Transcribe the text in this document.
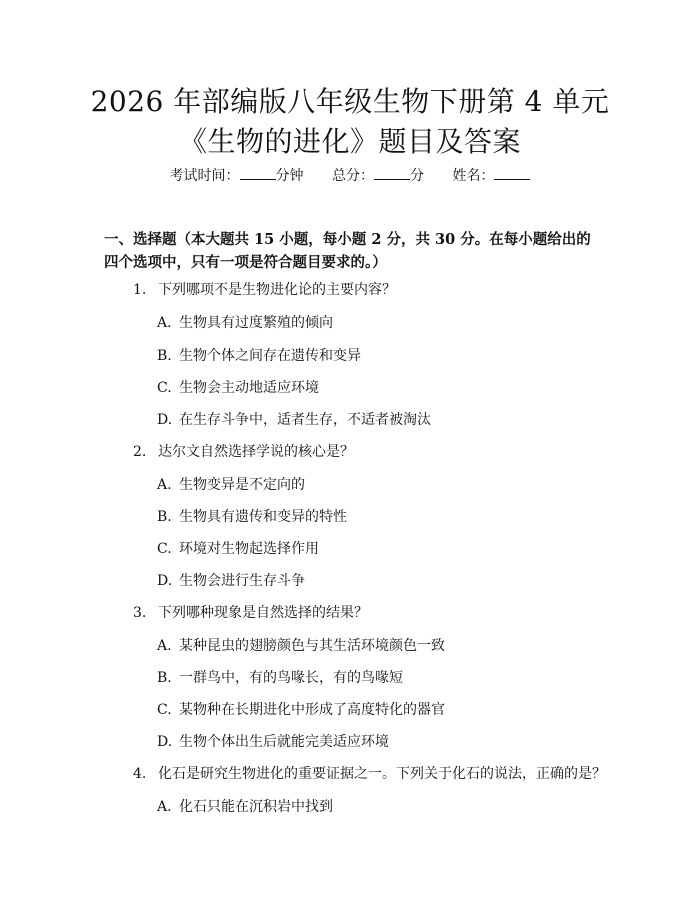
2026 年部编版八年级生物下册第 4 单元《生物的进化》题目及答案
考试时间：	分钟 总分：	分 姓名：
一、选择题（本大题共 15 小题，每小题 2 分，共 30 分。在每小题给出的四个选项中，只有一项是符合题目要求的。）
1. 下列哪项不是生物进化论的主要内容？
A. 生物具有过度繁殖的倾向
B. 生物个体之间存在遗传和变异
C. 生物会主动地适应环境
D. 在生存斗争中，适者生存，不适者被淘汰
2. 达尔文自然选择学说的核心是？
A. 生物变异是不定向的
B. 生物具有遗传和变异的特性
C. 环境对生物起选择作用
D. 生物会进行生存斗争
3. 下列哪种现象是自然选择的结果？
A. 某种昆虫的翅膀颜色与其生活环境颜色一致
B. 一群鸟中，有的鸟喙长，有的鸟喙短
C. 某物种在长期进化中形成了高度特化的器官
D. 生物个体出生后就能完美适应环境
4. 化石是研究生物进化的重要证据之一。下列关于化石的说法，正确的是？
A. 化石只能在沉积岩中找到
